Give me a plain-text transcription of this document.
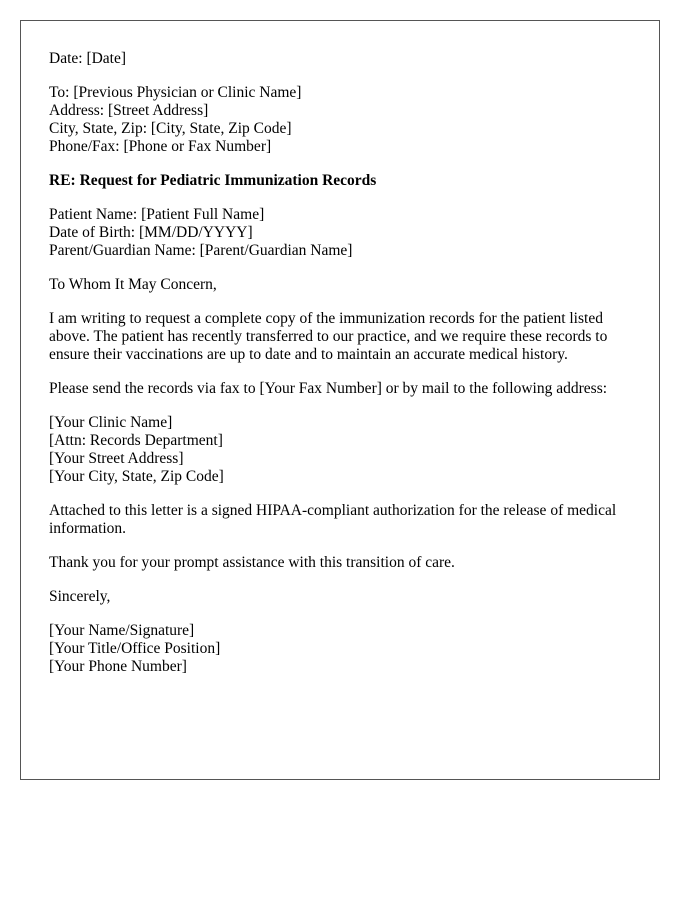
Date: [Date]
To: [Previous Physician or Clinic Name]
Address: [Street Address]
City, State, Zip: [City, State, Zip Code]
Phone/Fax: [Phone or Fax Number]
RE: Request for Pediatric Immunization Records
Patient Name: [Patient Full Name]
Date of Birth: [MM/DD/YYYY]
Parent/Guardian Name: [Parent/Guardian Name]
To Whom It May Concern,
I am writing to request a complete copy of the immunization records for the patient listed above. The patient has recently transferred to our practice, and we require these records to ensure their vaccinations are up to date and to maintain an accurate medical history.
Please send the records via fax to [Your Fax Number] or by mail to the following address:
[Your Clinic Name]
[Attn: Records Department]
[Your Street Address]
[Your City, State, Zip Code]
Attached to this letter is a signed HIPAA-compliant authorization for the release of medical information.
Thank you for your prompt assistance with this transition of care.
Sincerely,
[Your Name/Signature]
[Your Title/Office Position]
[Your Phone Number]
